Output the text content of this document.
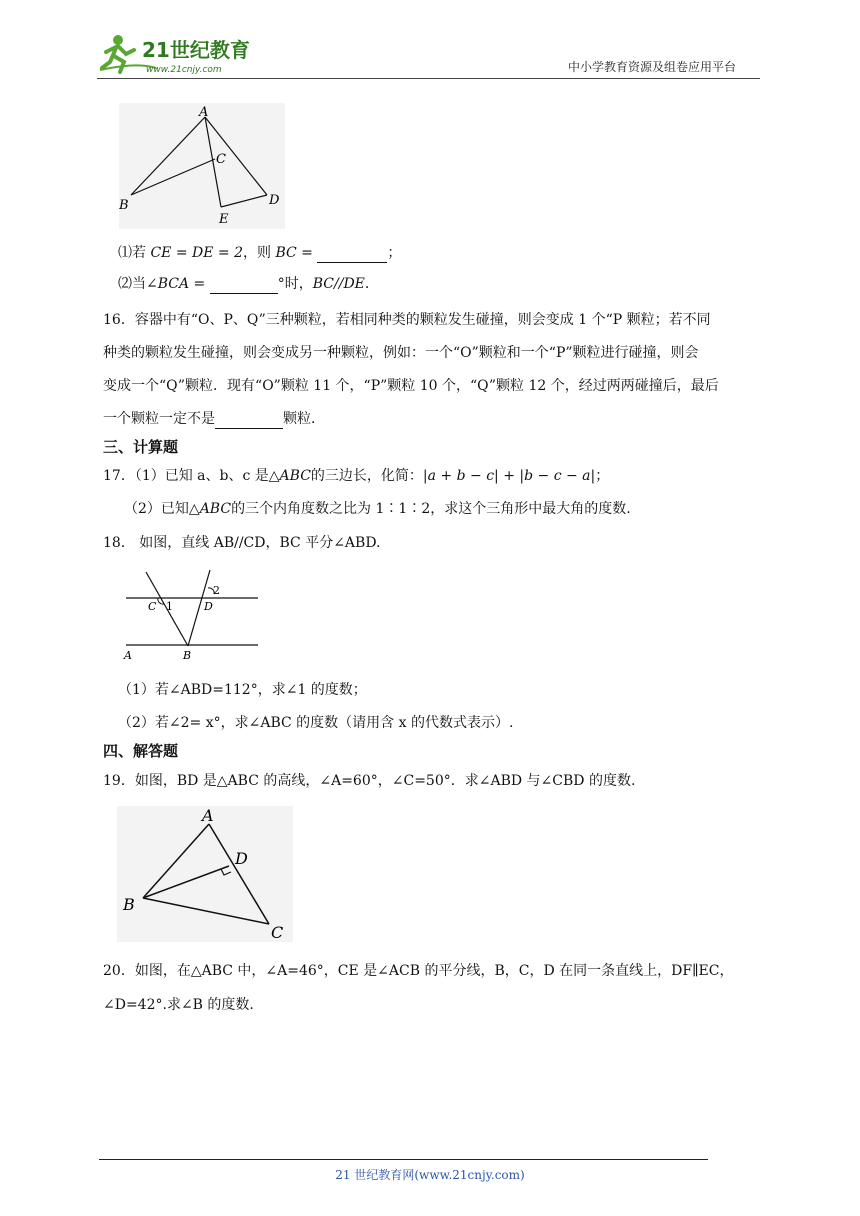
21世纪教育
www.21cnjy.com	中小学教育资源及组卷应用平台
A
B
C
D
E
⑴若 CE = DE = 2，则 BC =	；
⑵当∠BCA =	°时，BC//DE.
16．容器中有“O、P、Q”三种颗粒，若相同种类的颗粒发生碰撞，则会变成 1 个“P 颗粒；若不同
种类的颗粒发生碰撞，则会变成另一种颗粒，例如：一个“O”颗粒和一个“P”颗粒进行碰撞，则会
变成一个“Q”颗粒．现有“O”颗粒 11 个，“P”颗粒 10 个，“Q”颗粒 12 个，经过两两碰撞后，最后
一个颗粒一定不是	颗粒．
三、计算题
17．（1）已知 a、b、c 是△ABC的三边长，化简：|a + b − c| + |b − c − a|；
（2）已知△ABC的三个内角度数之比为 1∶1∶2，求这个三角形中最大角的度数.
18． 如图，直线 AB//CD，BC 平分∠ABD.
C 1	D
2
A	B
（1）若∠ABD=112°，求∠1 的度数；
（2）若∠2= x°，求∠ABC 的度数（请用含 x 的代数式表示）.
四、解答题
19．如图，BD 是△ABC 的高线，∠A=60°，∠C=50°．求∠ABD 与∠CBD 的度数.
A
B
C
D
20．如图，在△ABC 中，∠A=46°，CE 是∠ACB 的平分线，B，C，D 在同一条直线上，DF∥EC，
∠D=42°.求∠B 的度数.
21 世纪教育网(www.21cnjy.com)
